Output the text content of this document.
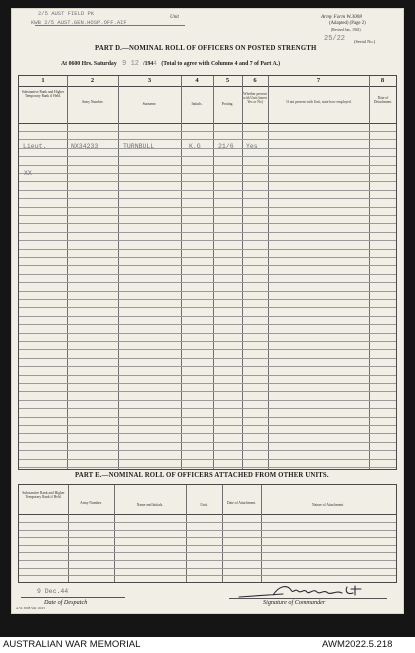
2/5 AUST FIELD PK
KWB 2/5 AUST.GEN.HOSP.OFF.AIF
Unit	Army Form W.3008
(Adapted) (Page 2)
(Revised Jan., 1943)
25/22 (Serial No.)
PART D.—NOMINAL ROLL OF OFFICERS ON POSTED STRENGTH
At 0600 Hrs. Saturday 9 12 /1944 (Total to agree with Columns 4 and 7 of Part A.)
1	2	3	4	5	6	7	8
Substantive Rank and Higher Temporary Rank if Held.
Army Number.	Surname.	Initials.	Posting.
Whether present with Unit (insert Yes or No)	If not present with Unit, state how employed.
Date of Detachment.
Lieut.	NX34233	TURNBULL	K.G	21/6 Yes
XX
PART E.—NOMINAL ROLL OF OFFICERS ATTACHED FROM OTHER UNITS.
Substantive Rank and Higher Temporary Rank if Held.
Army Number.	Name and Initials.	Unit.	Date of Attachment.	Nature of Attachment.
9 Dec.44
Date of Despatch	Signature of Commander
A.W. 3008 Sml 10/43
AUSTRALIAN WAR MEMORIAL	AWM2022.5.218
